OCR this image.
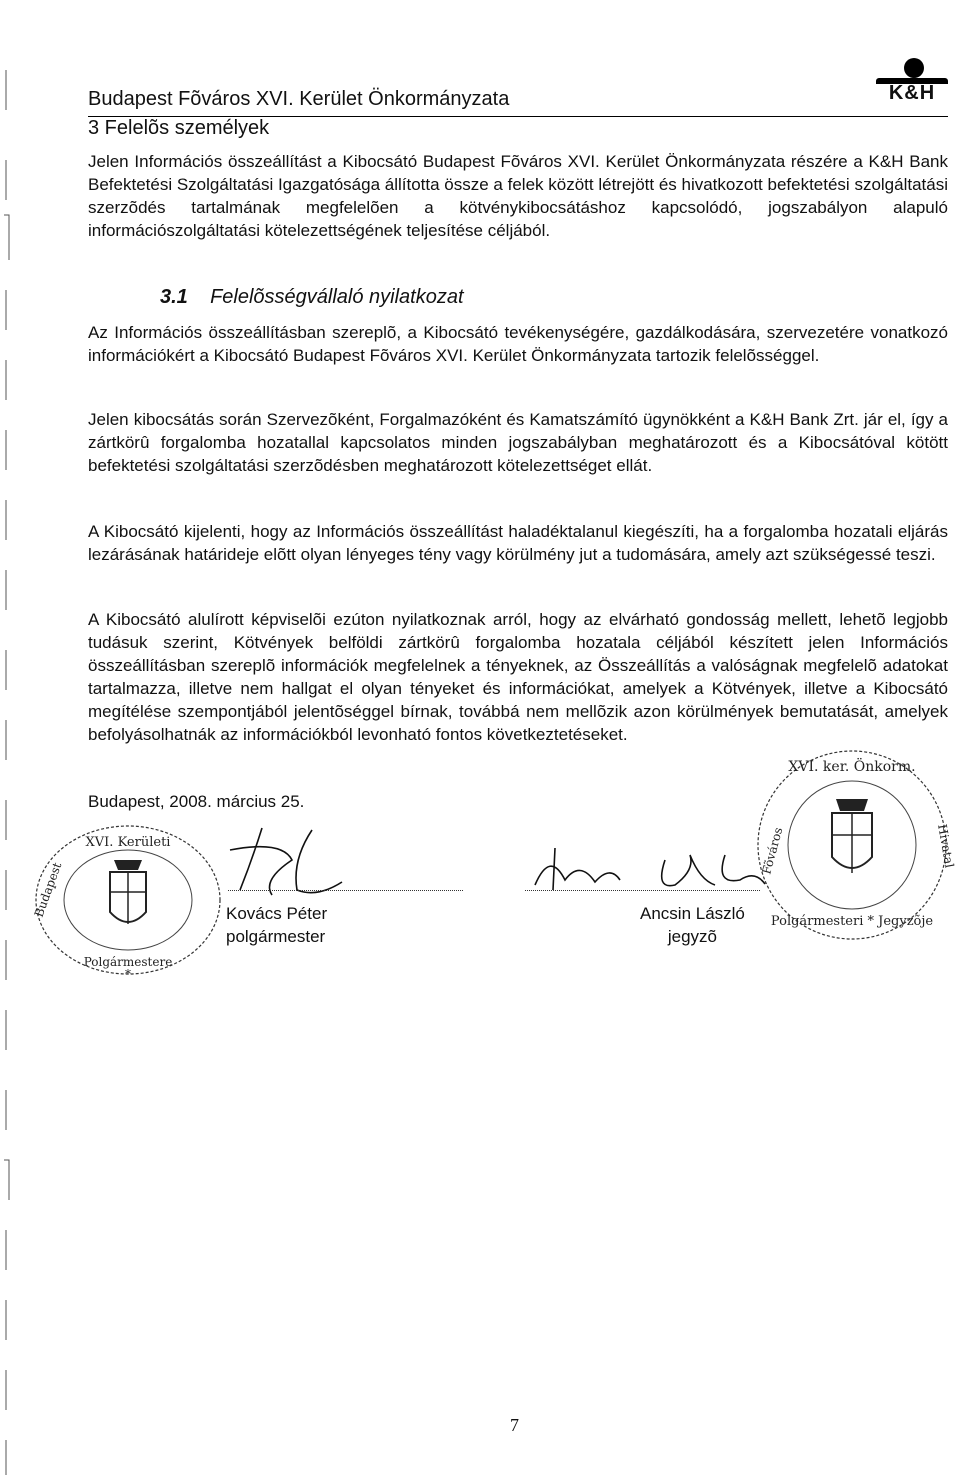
Budapest Fõváros XVI. Kerület Önkormányzata	K&H
3 Felelõs személyek

Jelen Információs összeállítást a Kibocsátó Budapest Fõváros XVI. Kerület Önkormányzata részére a K&H Bank Befektetési Szolgáltatási Igazgatósága állította össze a felek között létrejött és hivatkozott befektetési szolgáltatási szerzõdés tartalmának megfelelõen a kötvénykibocsátáshoz kapcsolódó, jogszabályon alapuló információszolgáltatási kötelezettségének teljesítése céljából.

3.1 Felelõsségvállaló nyilatkozat

Az Információs összeállításban szereplõ, a Kibocsátó tevékenységére, gazdálkodására, szervezetére vonatkozó információkért a Kibocsátó Budapest Fõváros XVI. Kerület Önkormányzata tartozik felelõsséggel.

Jelen kibocsátás során Szervezõként, Forgalmazóként és Kamatszámító ügynökként a K&H Bank Zrt. jár el, így a zártkörû forgalomba hozatallal kapcsolatos minden jogszabályban meghatározott és a Kibocsátóval kötött befektetési szolgáltatási szerzõdésben meghatározott kötelezettséget ellát.

A Kibocsátó kijelenti, hogy az Információs összeállítást haladéktalanul kiegészíti, ha a forgalomba hozatali eljárás lezárásának határideje elõtt olyan lényeges tény vagy körülmény jut a tudomására, amely azt szükségessé teszi.

A Kibocsátó alulírott képviselõi ezúton nyilatkoznak arról, hogy az elvárható gondosság mellett, lehetõ legjobb tudásuk szerint, Kötvények belföldi zártkörû forgalomba hozatala céljából készített jelen Információs összeállításban szereplõ információk megfelelnek a tényeknek, az Összeállítás a valóságnak megfelelõ adatokat tartalmazza, illetve nem hallgat el olyan tényeket és információkat, amelyek a Kötvények, illetve a Kibocsátó megítélése szempontjából jelentõséggel bírnak, továbbá nem mellõzik azon körülmények bemutatását, amelyek befolyásolhatnák az információkból levonható fontos következtetéseket.

Budapest, 2008. március 25.
XVI. Kerületi
Budapest
Polgármestere
*
Kovács Péter
polgármester
Ancsin László
jegyzõ
XVI. ker. Önkorm.
Polgármesteri * Jegyzõje
Fõváros	Hivatal
7
